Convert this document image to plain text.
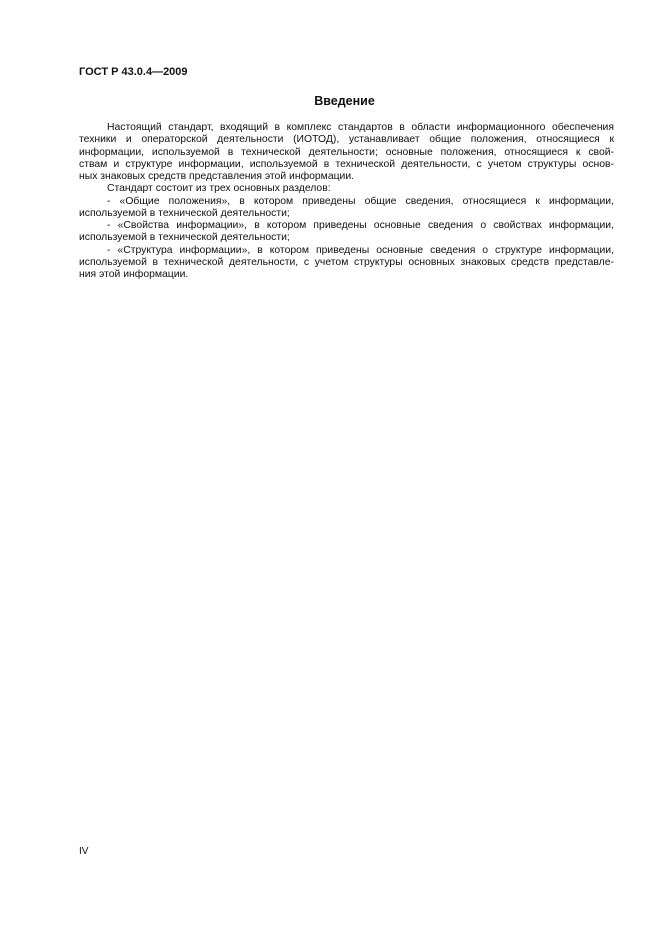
ГОСТ Р 43.0.4—2009
Введение
Настоящий стандарт, входящий в комплекс стандартов в области информационного обеспечения
техники и операторской деятельности (ИОТОД), устанавливает общие положения, относящиеся к
информации, используемой в технической деятельности; основные положения, относящиеся к свой-
ствам и структуре информации, используемой в технической деятельности, с учетом структуры основ-
ных знаковых средств представления этой информации.
Стандарт состоит из трех основных разделов:
- «Общие положения», в котором приведены общие сведения, относящиеся к информации,
используемой в технической деятельности;
- «Свойства информации», в котором приведены основные сведения о свойствах информации,
используемой в технической деятельности;
- «Структура информации», в котором приведены основные сведения о структуре информации,
используемой в технической деятельности, с учетом структуры основных знаковых средств представле-
ния этой информации.
IV
